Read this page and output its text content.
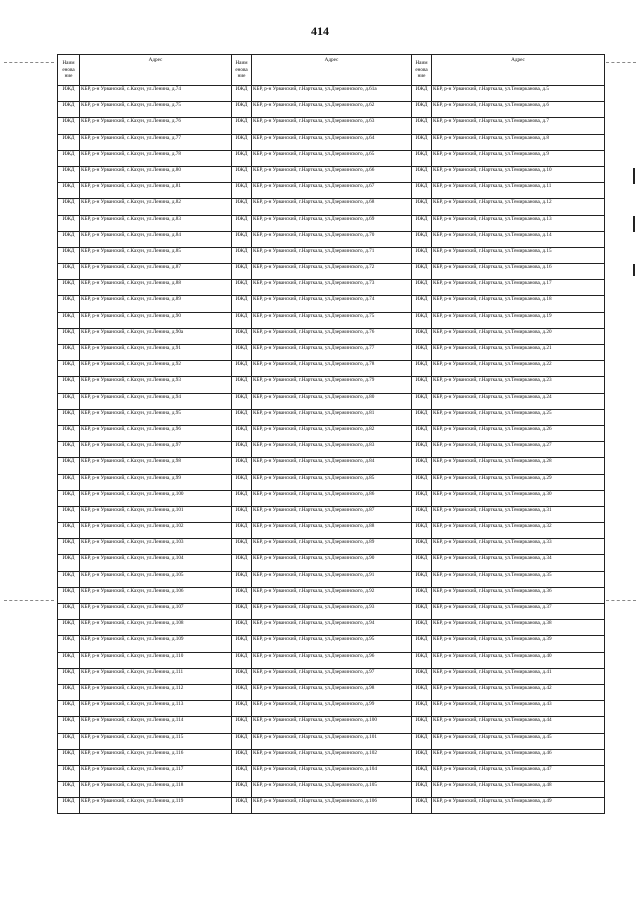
414
Наим енова ние	Адрес	Наим енова ние	Адрес	Наим енова ние	Адрес
ИЖД	КБР, р-н Урванский, с.Кахун, ул.Ленина, д.74	ИЖД	КБР, р-н Урванский, г.Нарткала, ул.Дзержинского, д.61а	ИЖД	КБР, р-н Урванский, г.Нарткала, ул.Темирканова, д.5
ИЖД	КБР, р-н Урванский, с.Кахун, ул.Ленина, д.75	ИЖД	КБР, р-н Урванский, г.Нарткала, ул.Дзержинского, д.62	ИЖД	КБР, р-н Урванский, г.Нарткала, ул.Темирканова, д.6
ИЖД	КБР, р-н Урванский, с.Кахун, ул.Ленина, д.76	ИЖД	КБР, р-н Урванский, г.Нарткала, ул.Дзержинского, д.63	ИЖД	КБР, р-н Урванский, г.Нарткала, ул.Темирканова, д.7
ИЖД	КБР, р-н Урванский, с.Кахун, ул.Ленина, д.77	ИЖД	КБР, р-н Урванский, г.Нарткала, ул.Дзержинского, д.64	ИЖД	КБР, р-н Урванский, г.Нарткала, ул.Темирканова, д.8
ИЖД	КБР, р-н Урванский, с.Кахун, ул.Ленина, д.78	ИЖД	КБР, р-н Урванский, г.Нарткала, ул.Дзержинского, д.65	ИЖД	КБР, р-н Урванский, г.Нарткала, ул.Темирканова, д.9
ИЖД	КБР, р-н Урванский, с.Кахун, ул.Ленина, д.80	ИЖД	КБР, р-н Урванский, г.Нарткала, ул.Дзержинского, д.66	ИЖД	КБР, р-н Урванский, г.Нарткала, ул.Темирканова, д.10
ИЖД	КБР, р-н Урванский, с.Кахун, ул.Ленина, д.81	ИЖД	КБР, р-н Урванский, г.Нарткала, ул.Дзержинского, д.67	ИЖД	КБР, р-н Урванский, г.Нарткала, ул.Темирканова, д.11
ИЖД	КБР, р-н Урванский, с.Кахун, ул.Ленина, д.82	ИЖД	КБР, р-н Урванский, г.Нарткала, ул.Дзержинского, д.68	ИЖД	КБР, р-н Урванский, г.Нарткала, ул.Темирканова, д.12
ИЖД	КБР, р-н Урванский, с.Кахун, ул.Ленина, д.83	ИЖД	КБР, р-н Урванский, г.Нарткала, ул.Дзержинского, д.69	ИЖД	КБР, р-н Урванский, г.Нарткала, ул.Темирканова, д.13
ИЖД	КБР, р-н Урванский, с.Кахун, ул.Ленина, д.84	ИЖД	КБР, р-н Урванский, г.Нарткала, ул.Дзержинского, д.70	ИЖД	КБР, р-н Урванский, г.Нарткала, ул.Темирканова, д.14
ИЖД	КБР, р-н Урванский, с.Кахун, ул.Ленина, д.85	ИЖД	КБР, р-н Урванский, г.Нарткала, ул.Дзержинского, д.71	ИЖД	КБР, р-н Урванский, г.Нарткала, ул.Темирканова, д.15
ИЖД	КБР, р-н Урванский, с.Кахун, ул.Ленина, д.87	ИЖД	КБР, р-н Урванский, г.Нарткала, ул.Дзержинского, д.72	ИЖД	КБР, р-н Урванский, г.Нарткала, ул.Темирканова, д.16
ИЖД	КБР, р-н Урванский, с.Кахун, ул.Ленина, д.88	ИЖД	КБР, р-н Урванский, г.Нарткала, ул.Дзержинского, д.73	ИЖД	КБР, р-н Урванский, г.Нарткала, ул.Темирканова, д.17
ИЖД	КБР, р-н Урванский, с.Кахун, ул.Ленина, д.89	ИЖД	КБР, р-н Урванский, г.Нарткала, ул.Дзержинского, д.74	ИЖД	КБР, р-н Урванский, г.Нарткала, ул.Темирканова, д.18
ИЖД	КБР, р-н Урванский, с.Кахун, ул.Ленина, д.90	ИЖД	КБР, р-н Урванский, г.Нарткала, ул.Дзержинского, д.75	ИЖД	КБР, р-н Урванский, г.Нарткала, ул.Темирканова, д.19
ИЖД	КБР, р-н Урванский, с.Кахун, ул.Ленина, д.90а	ИЖД	КБР, р-н Урванский, г.Нарткала, ул.Дзержинского, д.76	ИЖД	КБР, р-н Урванский, г.Нарткала, ул.Темирканова, д.20
ИЖД	КБР, р-н Урванский, с.Кахун, ул.Ленина, д.91	ИЖД	КБР, р-н Урванский, г.Нарткала, ул.Дзержинского, д.77	ИЖД	КБР, р-н Урванский, г.Нарткала, ул.Темирканова, д.21
ИЖД	КБР, р-н Урванский, с.Кахун, ул.Ленина, д.92	ИЖД	КБР, р-н Урванский, г.Нарткала, ул.Дзержинского, д.78	ИЖД	КБР, р-н Урванский, г.Нарткала, ул.Темирканова, д.22
ИЖД	КБР, р-н Урванский, с.Кахун, ул.Ленина, д.93	ИЖД	КБР, р-н Урванский, г.Нарткала, ул.Дзержинского, д.79	ИЖД	КБР, р-н Урванский, г.Нарткала, ул.Темирканова, д.23
ИЖД	КБР, р-н Урванский, с.Кахун, ул.Ленина, д.94	ИЖД	КБР, р-н Урванский, г.Нарткала, ул.Дзержинского, д.80	ИЖД	КБР, р-н Урванский, г.Нарткала, ул.Темирканова, д.24
ИЖД	КБР, р-н Урванский, с.Кахун, ул.Ленина, д.95	ИЖД	КБР, р-н Урванский, г.Нарткала, ул.Дзержинского, д.81	ИЖД	КБР, р-н Урванский, г.Нарткала, ул.Темирканова, д.25
ИЖД	КБР, р-н Урванский, с.Кахун, ул.Ленина, д.96	ИЖД	КБР, р-н Урванский, г.Нарткала, ул.Дзержинского, д.82	ИЖД	КБР, р-н Урванский, г.Нарткала, ул.Темирканова, д.26
ИЖД	КБР, р-н Урванский, с.Кахун, ул.Ленина, д.97	ИЖД	КБР, р-н Урванский, г.Нарткала, ул.Дзержинского, д.83	ИЖД	КБР, р-н Урванский, г.Нарткала, ул.Темирканова, д.27
ИЖД	КБР, р-н Урванский, с.Кахун, ул.Ленина, д.98	ИЖД	КБР, р-н Урванский, г.Нарткала, ул.Дзержинского, д.84	ИЖД	КБР, р-н Урванский, г.Нарткала, ул.Темирканова, д.28
ИЖД	КБР, р-н Урванский, с.Кахун, ул.Ленина, д.99	ИЖД	КБР, р-н Урванский, г.Нарткала, ул.Дзержинского, д.85	ИЖД	КБР, р-н Урванский, г.Нарткала, ул.Темирканова, д.29
ИЖД	КБР, р-н Урванский, с.Кахун, ул.Ленина, д.100	ИЖД	КБР, р-н Урванский, г.Нарткала, ул.Дзержинского, д.86	ИЖД	КБР, р-н Урванский, г.Нарткала, ул.Темирканова, д.30
ИЖД	КБР, р-н Урванский, с.Кахун, ул.Ленина, д.101	ИЖД	КБР, р-н Урванский, г.Нарткала, ул.Дзержинского, д.87	ИЖД	КБР, р-н Урванский, г.Нарткала, ул.Темирканова, д.31
ИЖД	КБР, р-н Урванский, с.Кахун, ул.Ленина, д.102	ИЖД	КБР, р-н Урванский, г.Нарткала, ул.Дзержинского, д.88	ИЖД	КБР, р-н Урванский, г.Нарткала, ул.Темирканова, д.32
ИЖД	КБР, р-н Урванский, с.Кахун, ул.Ленина, д.103	ИЖД	КБР, р-н Урванский, г.Нарткала, ул.Дзержинского, д.89	ИЖД	КБР, р-н Урванский, г.Нарткала, ул.Темирканова, д.33
ИЖД	КБР, р-н Урванский, с.Кахун, ул.Ленина, д.104	ИЖД	КБР, р-н Урванский, г.Нарткала, ул.Дзержинского, д.90	ИЖД	КБР, р-н Урванский, г.Нарткала, ул.Темирканова, д.34
ИЖД	КБР, р-н Урванский, с.Кахун, ул.Ленина, д.105	ИЖД	КБР, р-н Урванский, г.Нарткала, ул.Дзержинского, д.91	ИЖД	КБР, р-н Урванский, г.Нарткала, ул.Темирканова, д.35
ИЖД	КБР, р-н Урванский, с.Кахун, ул.Ленина, д.106	ИЖД	КБР, р-н Урванский, г.Нарткала, ул.Дзержинского, д.92	ИЖД	КБР, р-н Урванский, г.Нарткала, ул.Темирканова, д.36
ИЖД	КБР, р-н Урванский, с.Кахун, ул.Ленина, д.107	ИЖД	КБР, р-н Урванский, г.Нарткала, ул.Дзержинского, д.93	ИЖД	КБР, р-н Урванский, г.Нарткала, ул.Темирканова, д.37
ИЖД	КБР, р-н Урванский, с.Кахун, ул.Ленина, д.108	ИЖД	КБР, р-н Урванский, г.Нарткала, ул.Дзержинского, д.94	ИЖД	КБР, р-н Урванский, г.Нарткала, ул.Темирканова, д.38
ИЖД	КБР, р-н Урванский, с.Кахун, ул.Ленина, д.109	ИЖД	КБР, р-н Урванский, г.Нарткала, ул.Дзержинского, д.95	ИЖД	КБР, р-н Урванский, г.Нарткала, ул.Темирканова, д.39
ИЖД	КБР, р-н Урванский, с.Кахун, ул.Ленина, д.110	ИЖД	КБР, р-н Урванский, г.Нарткала, ул.Дзержинского, д.96	ИЖД	КБР, р-н Урванский, г.Нарткала, ул.Темирканова, д.40
ИЖД	КБР, р-н Урванский, с.Кахун, ул.Ленина, д.111	ИЖД	КБР, р-н Урванский, г.Нарткала, ул.Дзержинского, д.97	ИЖД	КБР, р-н Урванский, г.Нарткала, ул.Темирканова, д.41
ИЖД	КБР, р-н Урванский, с.Кахун, ул.Ленина, д.112	ИЖД	КБР, р-н Урванский, г.Нарткала, ул.Дзержинского, д.98	ИЖД	КБР, р-н Урванский, г.Нарткала, ул.Темирканова, д.42
ИЖД	КБР, р-н Урванский, с.Кахун, ул.Ленина, д.113	ИЖД	КБР, р-н Урванский, г.Нарткала, ул.Дзержинского, д.99	ИЖД	КБР, р-н Урванский, г.Нарткала, ул.Темирканова, д.43
ИЖД	КБР, р-н Урванский, с.Кахун, ул.Ленина, д.114	ИЖД	КБР, р-н Урванский, г.Нарткала, ул.Дзержинского, д.100	ИЖД	КБР, р-н Урванский, г.Нарткала, ул.Темирканова, д.44
ИЖД	КБР, р-н Урванский, с.Кахун, ул.Ленина, д.115	ИЖД	КБР, р-н Урванский, г.Нарткала, ул.Дзержинского, д.101	ИЖД	КБР, р-н Урванский, г.Нарткала, ул.Темирканова, д.45
ИЖД	КБР, р-н Урванский, с.Кахун, ул.Ленина, д.116	ИЖД	КБР, р-н Урванский, г.Нарткала, ул.Дзержинского, д.102	ИЖД	КБР, р-н Урванский, г.Нарткала, ул.Темирканова, д.46
ИЖД	КБР, р-н Урванский, с.Кахун, ул.Ленина, д.117	ИЖД	КБР, р-н Урванский, г.Нарткала, ул.Дзержинского, д.104	ИЖД	КБР, р-н Урванский, г.Нарткала, ул.Темирканова, д.47
ИЖД	КБР, р-н Урванский, с.Кахун, ул.Ленина, д.118	ИЖД	КБР, р-н Урванский, г.Нарткала, ул.Дзержинского, д.105	ИЖД	КБР, р-н Урванский, г.Нарткала, ул.Темирканова, д.48
ИЖД	КБР, р-н Урванский, с.Кахун, ул.Ленина, д.119	ИЖД	КБР, р-н Урванский, г.Нарткала, ул.Дзержинского, д.106	ИЖД	КБР, р-н Урванский, г.Нарткала, ул.Темирканова, д.49
